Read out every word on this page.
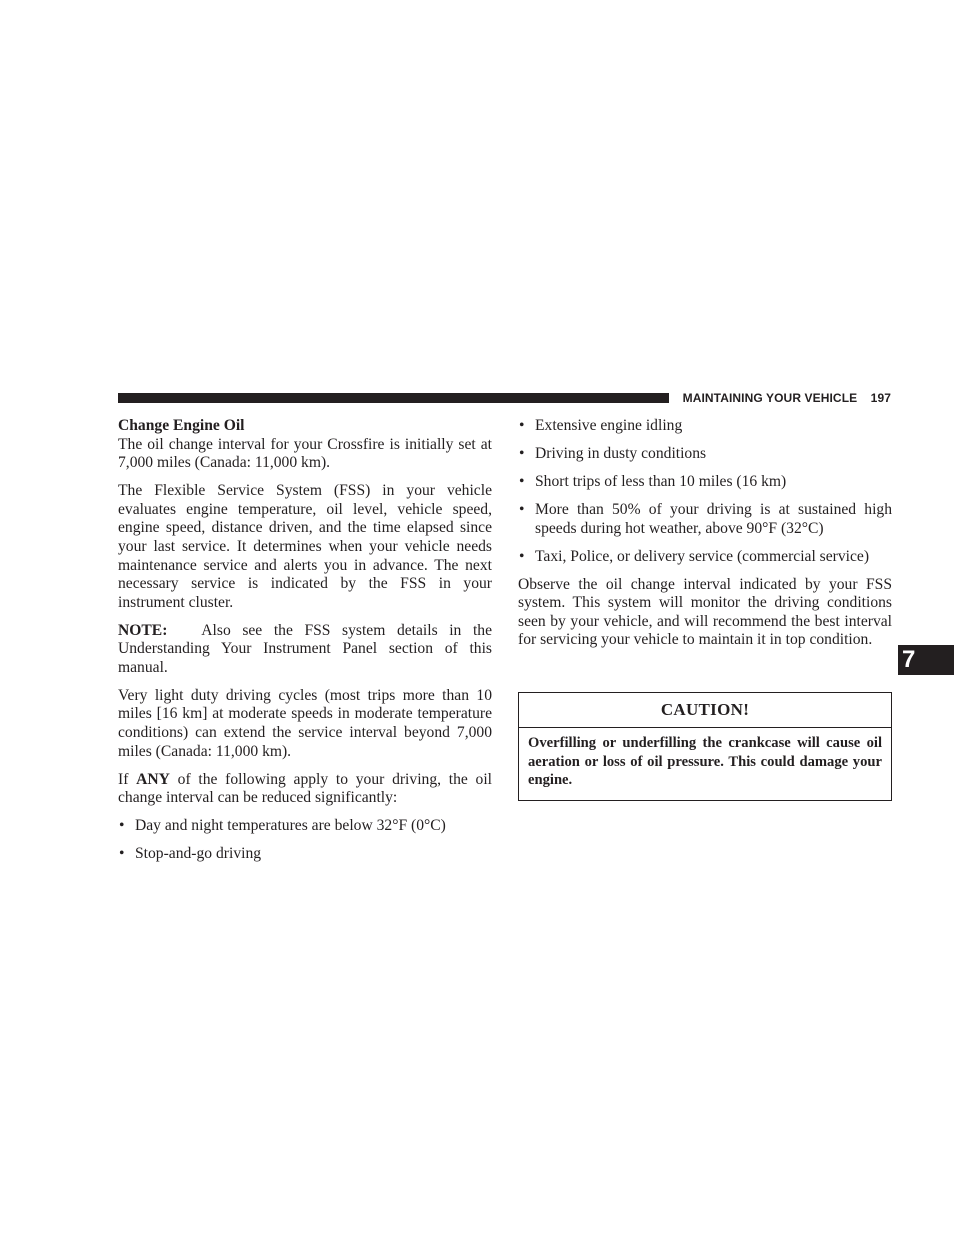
MAINTAINING YOUR VEHICLE 197
7
Change Engine Oil

The oil change interval for your Crossfire is initially set at 7,000 miles (Canada: 11,000 km).

The Flexible Service System (FSS) in your vehicle evaluates engine temperature, oil level, vehicle speed, engine speed, distance driven, and the time elapsed since your last service. It determines when your vehicle needs maintenance service and alerts you in advance. The next necessary service is indicated by the FSS in your instrument cluster.

NOTE: Also see the FSS system details in the Understanding Your Instrument Panel section of this manual.

Very light duty driving cycles (most trips more than 10 miles [16 km] at moderate speeds in moderate temperature conditions) can extend the service interval beyond 7,000 miles (Canada: 11,000 km).

If ANY of the following apply to your driving, the oil change interval can be reduced significantly:

• Day and night temperatures are below 32°F (0°C)
• Stop-and-go driving
• Extensive engine idling
• Driving in dusty conditions
• Short trips of less than 10 miles (16 km)
• More than 50% of your driving is at sustained high speeds during hot weather, above 90°F (32°C)
• Taxi, Police, or delivery service (commercial service)

Observe the oil change interval indicated by your FSS system. This system will monitor the driving conditions seen by your vehicle, and will recommend the best interval for servicing your vehicle to maintain it in top condition.

CAUTION!
Overfilling or underfilling the crankcase will cause oil aeration or loss of oil pressure. This could damage your engine.
